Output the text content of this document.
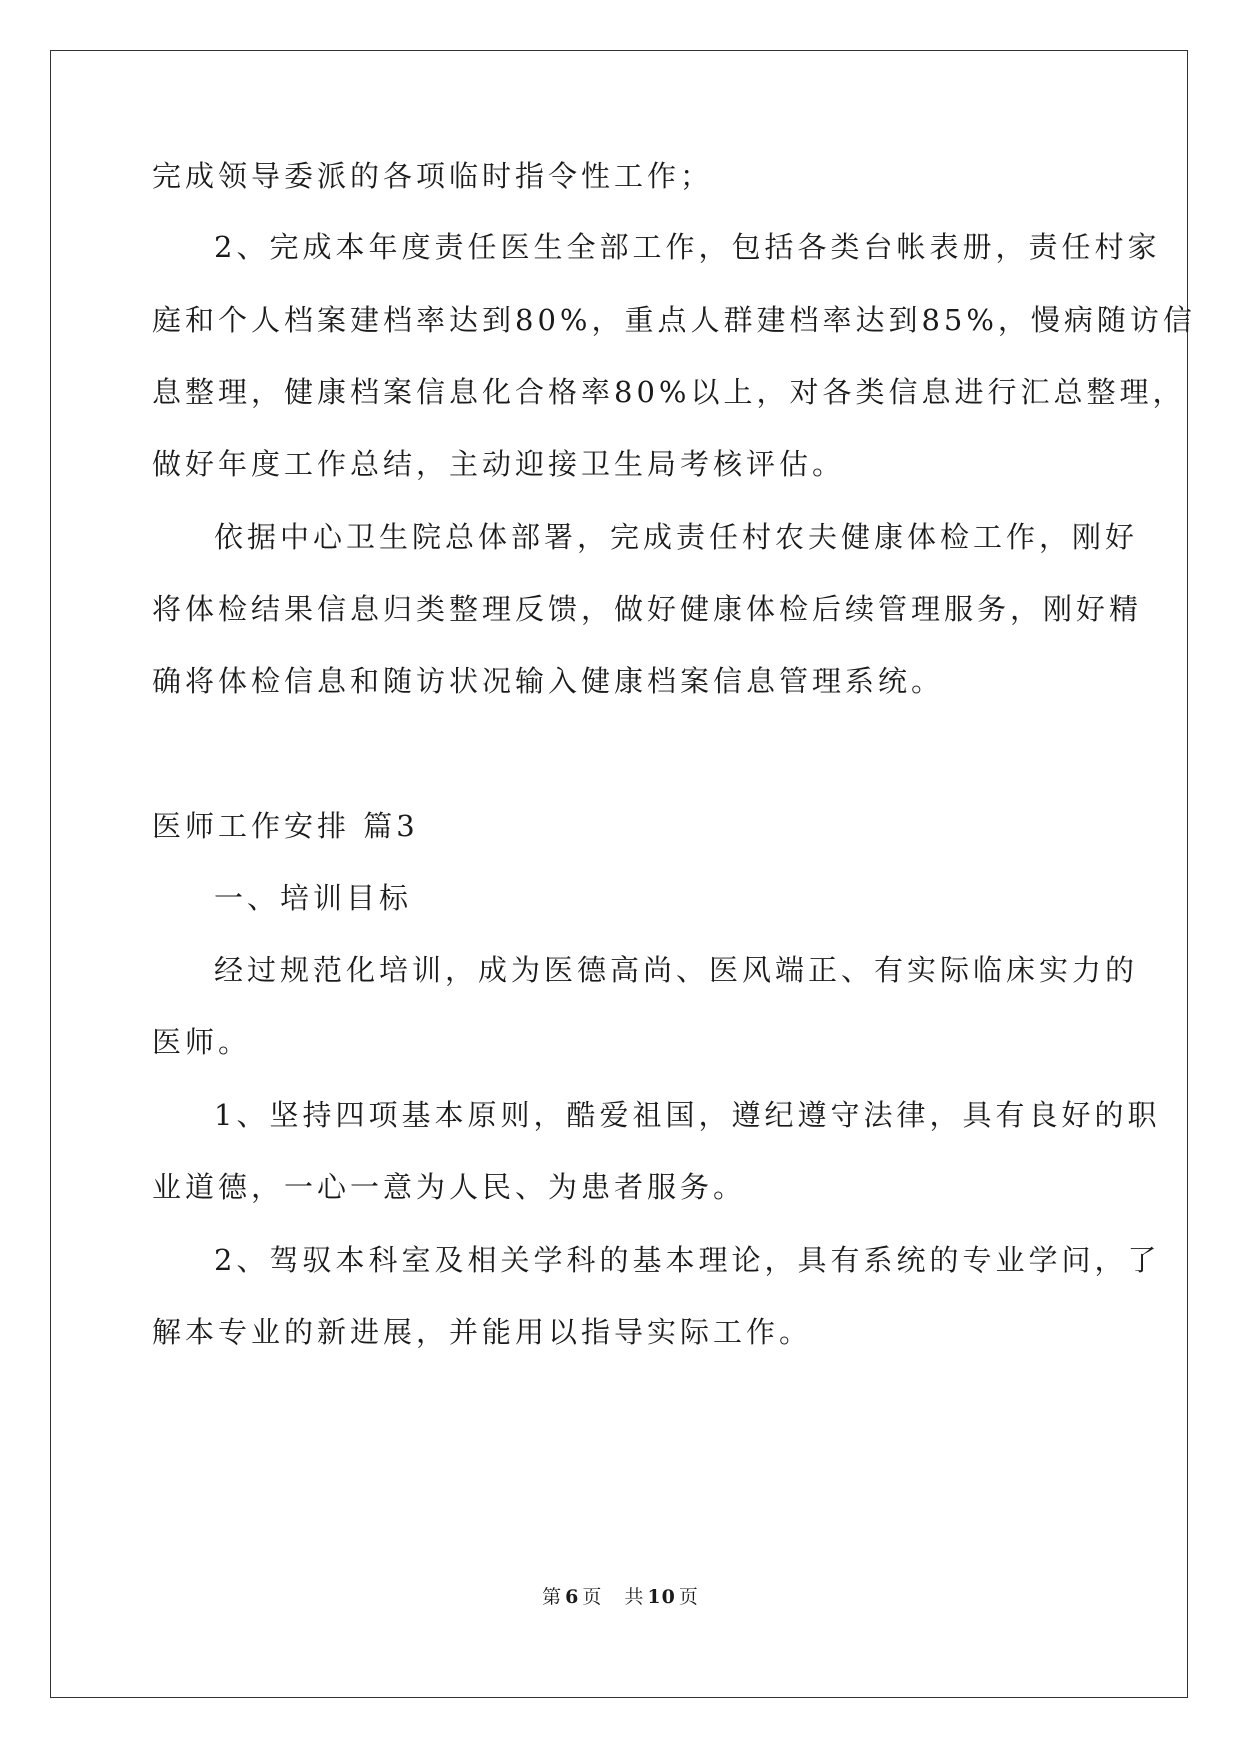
完成领导委派的各项临时指令性工作；
2、完成本年度责任医生全部工作，包括各类台帐表册，责任村家
庭和个人档案建档率达到80%，重点人群建档率达到85%，慢病随访信
息整理，健康档案信息化合格率80%以上，对各类信息进行汇总整理，
做好年度工作总结，主动迎接卫生局考核评估。
依据中心卫生院总体部署，完成责任村农夫健康体检工作，刚好
将体检结果信息归类整理反馈，做好健康体检后续管理服务，刚好精
确将体检信息和随访状况输入健康档案信息管理系统。
医师工作安排 篇3
一、培训目标
经过规范化培训，成为医德高尚、医风端正、有实际临床实力的
医师。
1、坚持四项基本原则，酷爱祖国，遵纪遵守法律，具有良好的职
业道德，一心一意为人民、为患者服务。
2、驾驭本科室及相关学科的基本理论，具有系统的专业学问，了
解本专业的新进展，并能用以指导实际工作。
第 6 页 共 10 页
